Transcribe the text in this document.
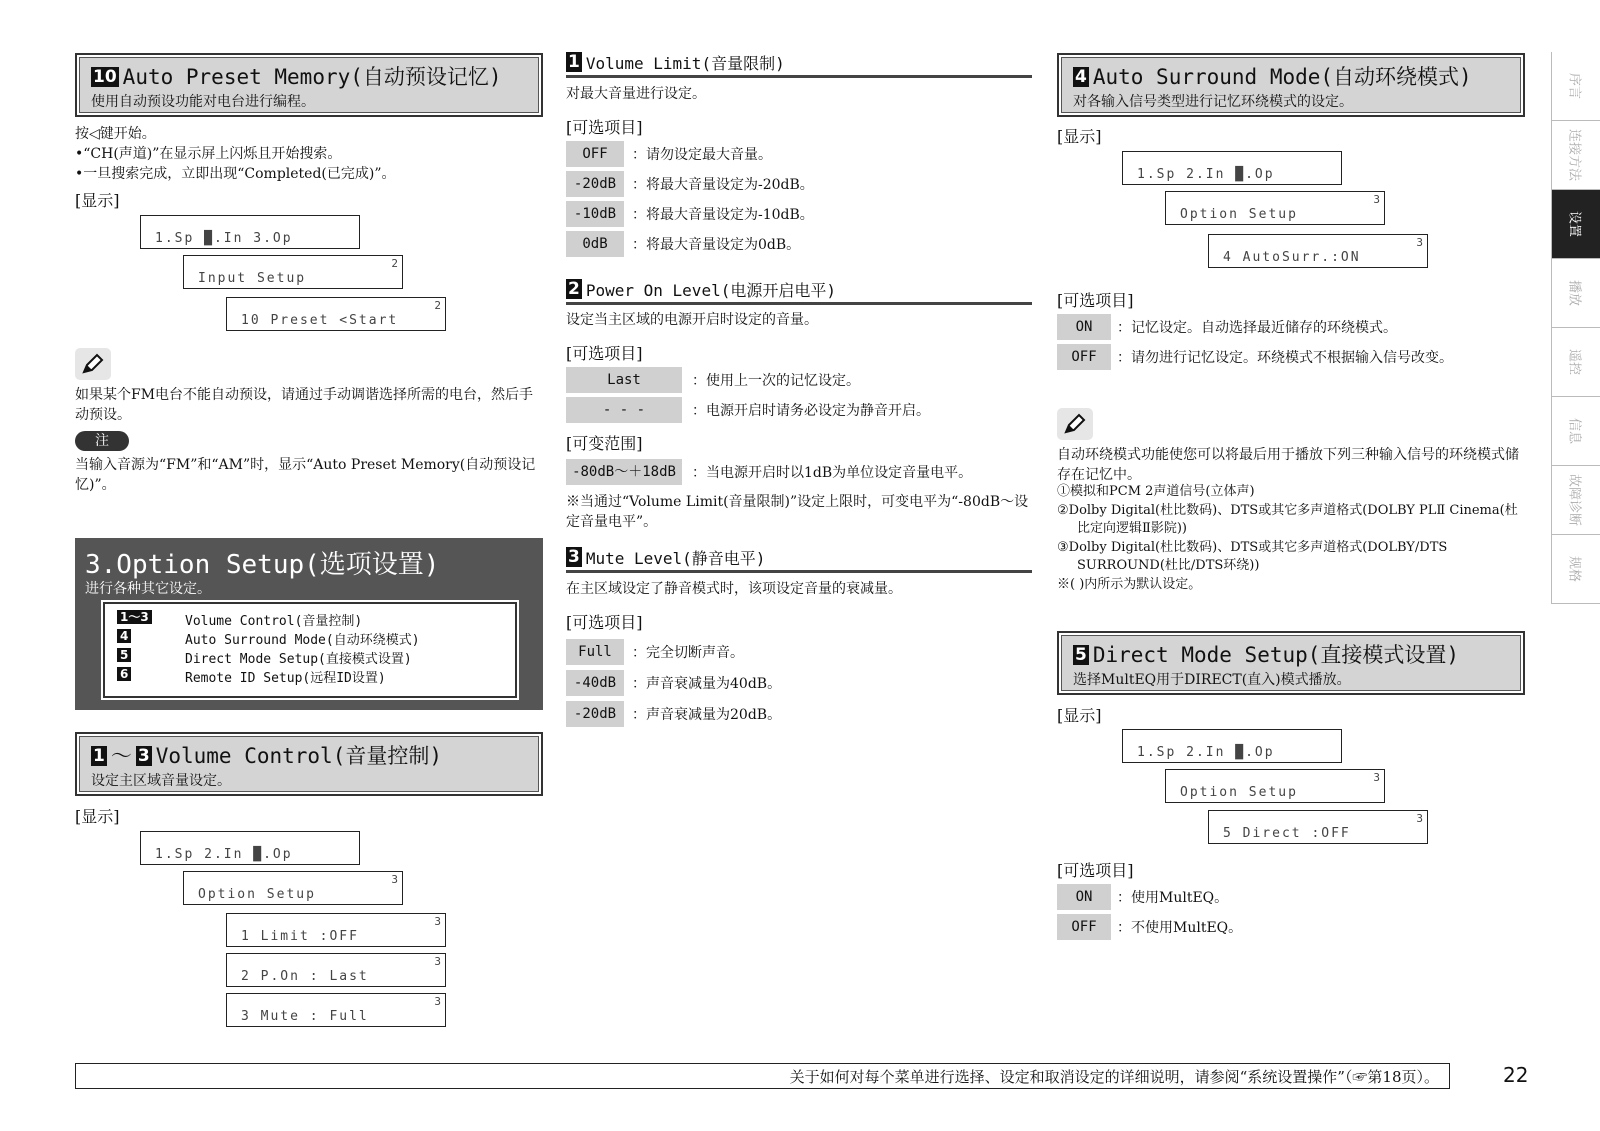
10 Auto Preset Memory(自动预设记忆)
使用自动预设功能对电台进行编程。
按◁键开始。
•“CH(声道)”在显示屏上闪烁且开始搜索。
•一旦搜索完成，立即出现“Completed(已完成)”。
[显示]
1.Sp █.In 3.Op
Input Setup
2
10 Preset <Start
2
如果某个FM电台不能自动预设，请通过手动调谐选择所需的电台，然后手动预设。
注
当输入音源为“FM”和“AM”时，显示“Auto Preset Memory(自动预设记忆)”。
3.Option Setup(选项设置)
进行各种其它设定。
1～3	Volume Control(音量控制)
4	Auto Surround Mode(自动环绕模式)
5	Direct Mode Setup(直接模式设置)
6	Remote ID Setup(远程ID设置)
1 ～ 3 Volume Control(音量控制)
设定主区域音量设定。
[显示]
1.Sp 2.In █.Op
Option Setup
3
1 Limit :OFF
3
2 P.On : Last
3
3 Mute : Full
3
1 Volume Limit(音量限制)
对最大音量进行设定。
[可选项目]
OFF	：请勿设定最大音量。
-20dB	：将最大音量设定为-20dB。
-10dB	：将最大音量设定为-10dB。
0dB	：将最大音量设定为0dB。
2 Power On Level(电源开启电平)
设定当主区域的电源开启时设定的音量。
[可选项目]
Last	：使用上一次的记忆设定。
- - -	：电源开启时请务必设定为静音开启。
[可变范围]
-80dB～＋18dB	：当电源开启时以1dB为单位设定音量电平。
※当通过“Volume Limit(音量限制)”设定上限时，可变电平为“-80dB～设定音量电平”。
3 Mute Level(静音电平)
在主区域设定了静音模式时，该项设定音量的衰减量。
[可选项目]
Full	：完全切断声音。
-40dB	：声音衰减量为40dB。
-20dB	：声音衰减量为20dB。
4 Auto Surround Mode(自动环绕模式)
对各输入信号类型进行记忆环绕模式的设定。
[显示]
1.Sp 2.In █.Op
Option Setup
3
4 AutoSurr.:ON
3
[可选项目]
ON	：记忆设定。自动选择最近储存的环绕模式。
OFF	：请勿进行记忆设定。环绕模式不根据输入信号改变。
自动环绕模式功能使您可以将最后用于播放下列三种输入信号的环绕模式储存在记忆中。
①模拟和PCM 2声道信号(立体声)
②Dolby Digital(杜比数码)、DTS或其它多声道格式(DOLBY PLⅡ Cinema(杜比定向逻辑Ⅱ影院))
③Dolby Digital(杜比数码)、DTS或其它多声道格式(DOLBY/DTS SURROUND(杜比/DTS环绕))
※( )内所示为默认设定。
5 Direct Mode Setup(直接模式设置)
选择MultEQ用于DIRECT(直入)模式播放。
[显示]
1.Sp 2.In █.Op
Option Setup
3
5 Direct :OFF
3
[可选项目]
ON	：使用MultEQ。
OFF	：不使用MultEQ。
序言
连接方法
设置
播放
遥控
信息
故障诊断
规格
关于如何对每个菜单进行选择、设定和取消设定的详细说明，请参阅“系统设置操作”（☞第18页）。	22
